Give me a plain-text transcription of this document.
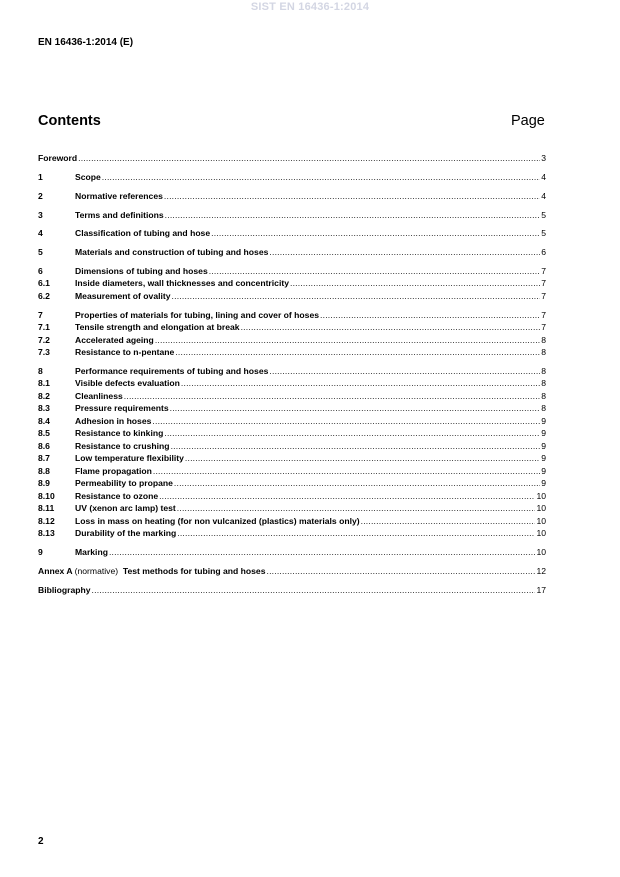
SIST EN 16436-1:2014
EN 16436-1:2014 (E)
Contents	Page
Foreword .....	3
1	Scope .....	4
2	Normative references .....	4
3	Terms and definitions .....	5
4	Classification of tubing and hose .....	5
5	Materials and construction of tubing and hoses .....	6
6	Dimensions of tubing and hoses .....	7
6.1	Inside diameters, wall thicknesses and concentricity .....	7
6.2	Measurement of ovality .....	7
7	Properties of materials for tubing, lining and cover of hoses .....	7
7.1	Tensile strength and elongation at break .....	7
7.2	Accelerated ageing .....	8
7.3	Resistance to n-pentane .....	8
8	Performance requirements of tubing and hoses .....	8
8.1	Visible defects evaluation .....	8
8.2	Cleanliness .....	8
8.3	Pressure requirements .....	8
8.4	Adhesion in hoses .....	9
8.5	Resistance to kinking .....	9
8.6	Resistance to crushing .....	9
8.7	Low temperature flexibility .....	9
8.8	Flame propagation .....	9
8.9	Permeability to propane .....	9
8.10	Resistance to ozone .....	10
8.11	UV (xenon arc lamp) test .....	10
8.12	Loss in mass on heating (for non vulcanized (plastics) materials only) .....	10
8.13	Durability of the marking .....	10
9	Marking .....	10
Annex A (normative) Test methods for tubing and hoses .....	12
Bibliography .....	17
2
